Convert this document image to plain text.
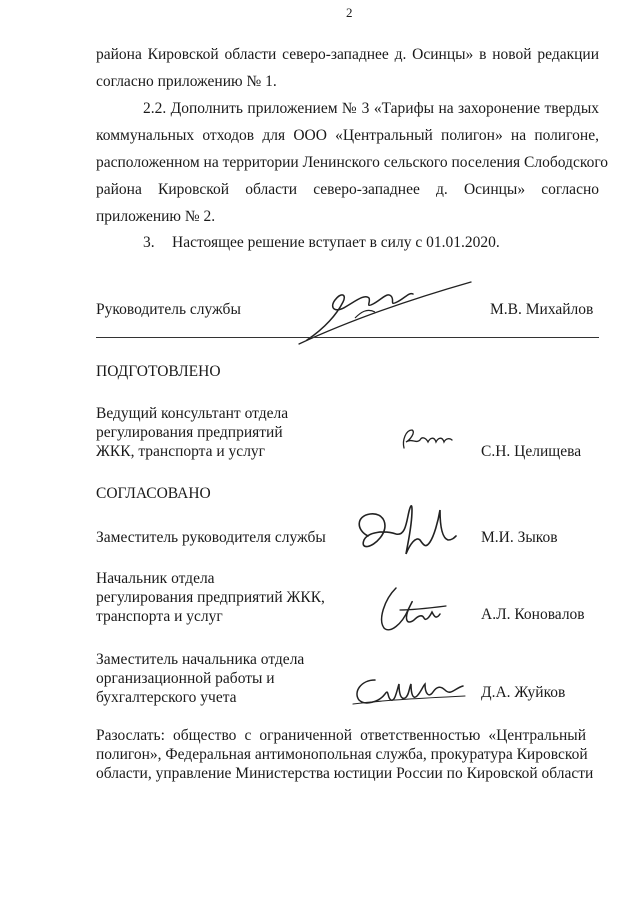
2
района Кировской области северо-западнее д. Осинцы» в новой редакции
согласно приложению № 1.
2.2. Дополнить приложением № 3 «Тарифы на захоронение твердых
коммунальных отходов для ООО «Центральный полигон» на полигоне,
расположенном на территории Ленинского сельского поселения Слободского
района Кировской области северо-западнее д. Осинцы» согласно
приложению № 2.
3. Настоящее решение вступает в силу с 01.01.2020.
Руководитель службы	М.В. Михайлов
ПОДГОТОВЛЕНО
Ведущий консультант отдела
регулирования предприятий
ЖКК, транспорта и услуг	С.Н. Целищева
СОГЛАСОВАНО
Заместитель руководителя службы	М.И. Зыков
Начальник отдела
регулирования предприятий ЖКК,
транспорта и услуг	А.Л. Коновалов
Заместитель начальника отдела
организационной работы и
бухгалтерского учета	Д.А. Жуйков
Разослать: общество с ограниченной ответственностью «Центральный
полигон», Федеральная антимонопольная служба, прокуратура Кировской
области, управление Министерства юстиции России по Кировской области
